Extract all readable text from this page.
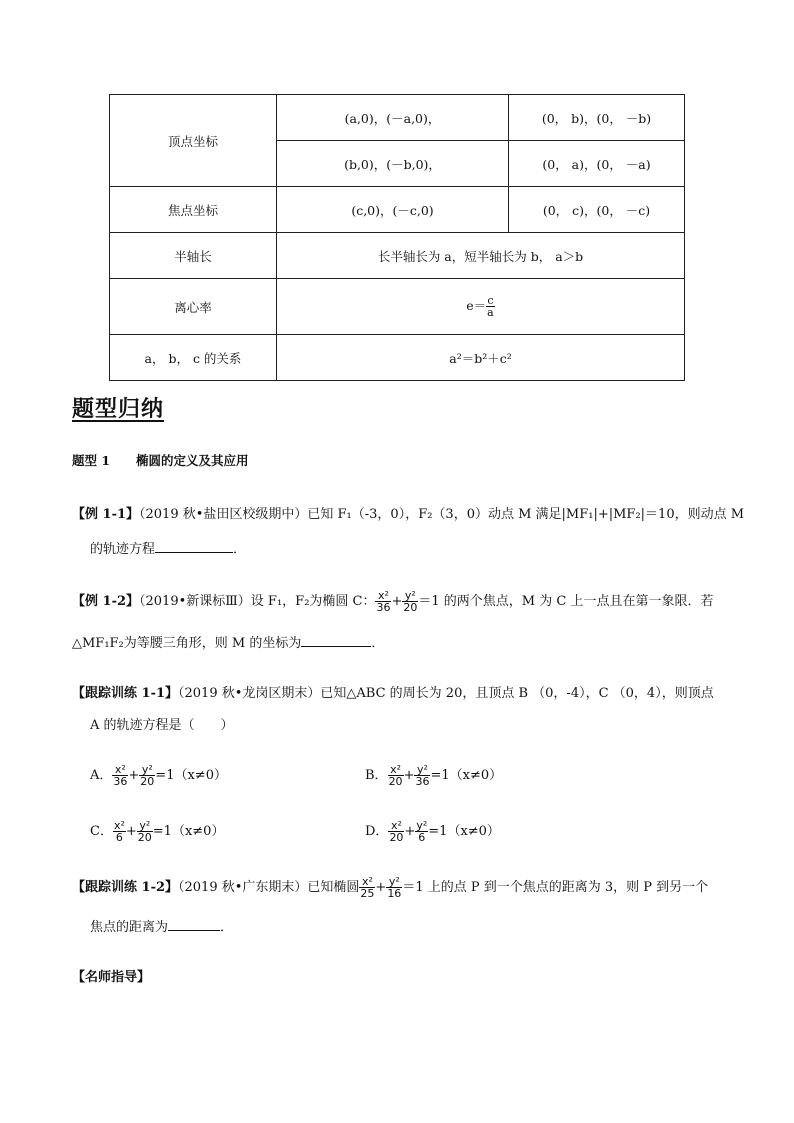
顶点坐标	(a,0)，(－a,0)，	(0， b)，(0， －b)
	(b,0)，(－b,0)，	(0， a)，(0， －a)
焦点坐标	(c,0)，(－c,0)	(0， c)，(0， －c)
半轴长	长半轴长为 a，短半轴长为 b， a＞b	
离心率	$e= \frac{c}{a}$

a， b， c 的关系	a²＝b²＋c²	
题型归纳
题型 1 椭圆的定义及其应用
【例 1-1】（2019 秋•盐田区校级期中）已知 F₁（-3，0），F₂（3，0）动点 M 满足|MF₁|+|MF₂|＝10，则动点 M
的轨迹方程	．
【例 1-2】（2019•新课标Ⅲ）设 F₁，F₂为椭圆 C： $\frac{\text{x²}}{36} + \frac{\text{y²}}{20} =1$ 的两个焦点，M 为 C 上一点且在第一象限．若
△MF₁F₂为等腰三角形，则 M 的坐标为	．
【跟踪训练 1-1】（2019 秋•龙岗区期末）已知△ABC 的周长为 20，且顶点 B （0，-4），C （0，4），则顶点
A 的轨迹方程是（　　）
A． $\frac{\text{x²}}{36} + \frac{\text{y²}}{20} =1(x\ne 0)$	B． $\frac{\text{x²}}{20} + \frac{\text{y²}}{36} =1(x\ne 0)$
C． $\frac{\text{x²}}{6} + \frac{\text{y²}}{20} =1(x\ne 0)$	D． $\frac{\text{x²}}{20} + \frac{\text{y²}}{6} =1(x\ne 0)$
【跟踪训练 1-2】（2019 秋•广东期末）已知椭圆 $\frac{\text{x²}}{25} + \frac{\text{y²}}{16} =1$ 上的点 P 到一个焦点的距离为 3，则 P 到另一个
焦点的距离为	．
【名师指导】
